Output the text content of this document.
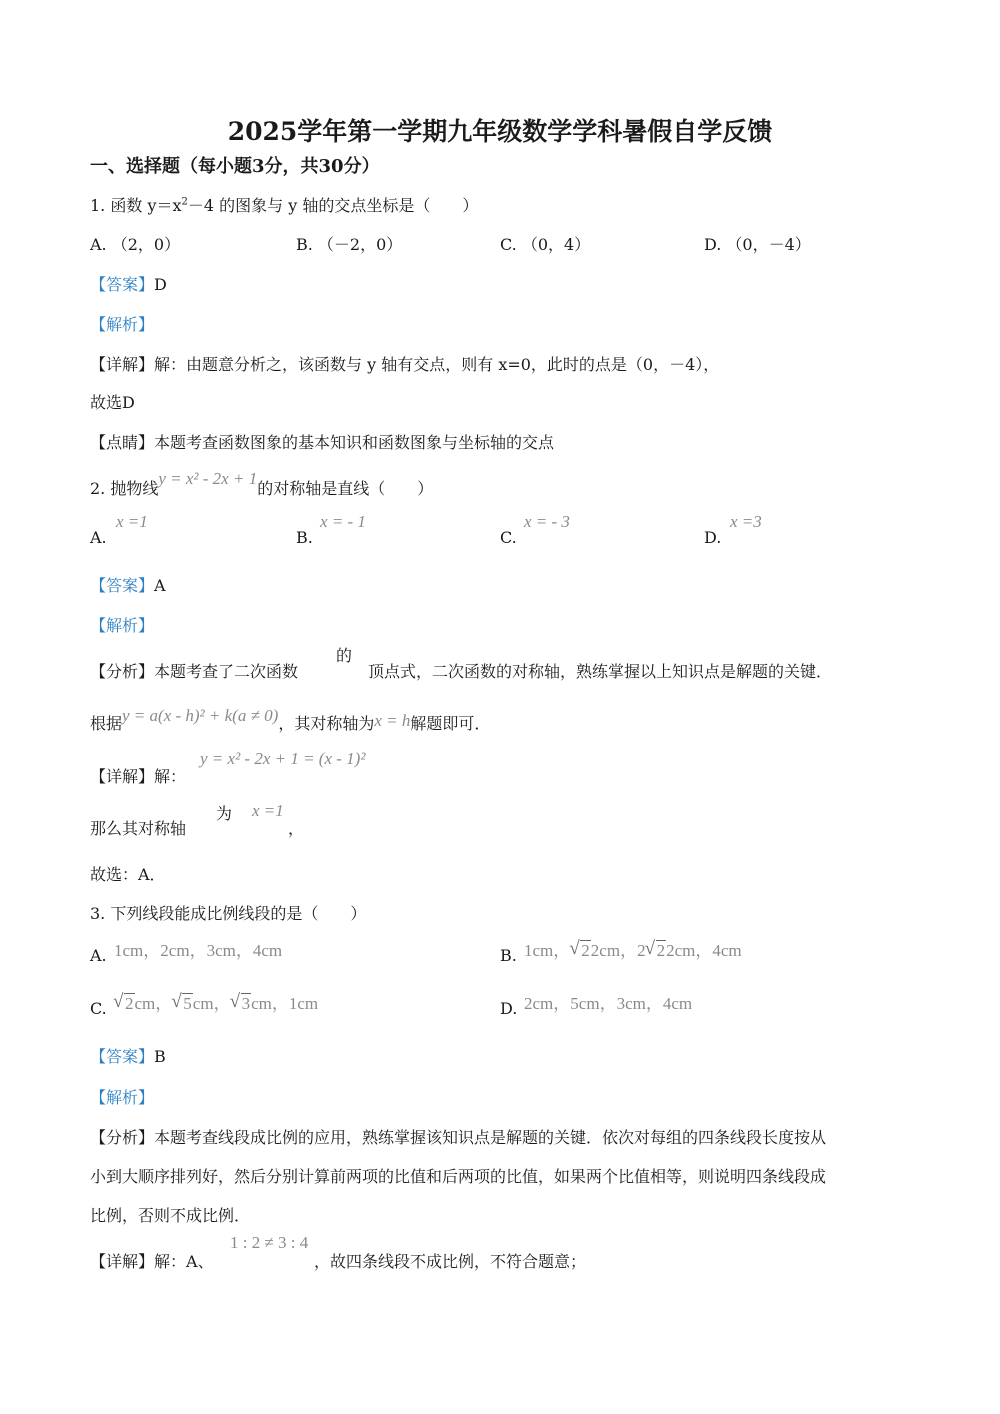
2025学年第一学期九年级数学学科暑假自学反馈
一、选择题（每小题3分，共30分）
1. 函数 $y=x^2-4$ 的图象与 y 轴的交点坐标是（　　）
A. （2，0）	B. （－2，0）	C. （0，4）	D. （0，－4）
【答案】D
【解析】
【详解】解：由题意分析之，该函数与 y 轴有交点，则有 x=0，此时的点是（0，－4），
故选D
【点睛】本题考查函数图象的基本知识和函数图象与坐标轴的交点
2. 抛物线y = x² - 2x + 1的对称轴是直线（　　）
A.
x =1
B.
x = - 1
C.
x = - 3
D.
x =3
【答案】A
【解析】
【分析】本题考查了二次函数
的
顶点式，二次函数的对称轴，熟练掌握以上知识点是解题的关键．
根据y = a(x - h)² + k(a ≠ 0)，其对称轴为x = h解题即可．
【详解】解：
y = x² - 2x + 1 = (x - 1)²
那么其对称轴
为 x =1
，
故选：A．
3. 下列线段能成比例线段的是（　　）
A. 1cm，2cm，3cm，4cm	B. 1cm， √ 22cm，2 √ 22cm，4cm
C.	√ 2cm， √ 5cm， √ 3cm，1cm	D. 2cm，5cm，3cm，4cm
【答案】B
【解析】
【分析】本题考查线段成比例的应用，熟练掌握该知识点是解题的关键．依次对每组的四条线段长度按从
小到大顺序排列好，然后分别计算前两项的比值和后两项的比值，如果两个比值相等，则说明四条线段成
比例，否则不成比例．
【详解】解：A、
1 : 2 ≠ 3 : 4
，故四条线段不成比例，不符合题意；
